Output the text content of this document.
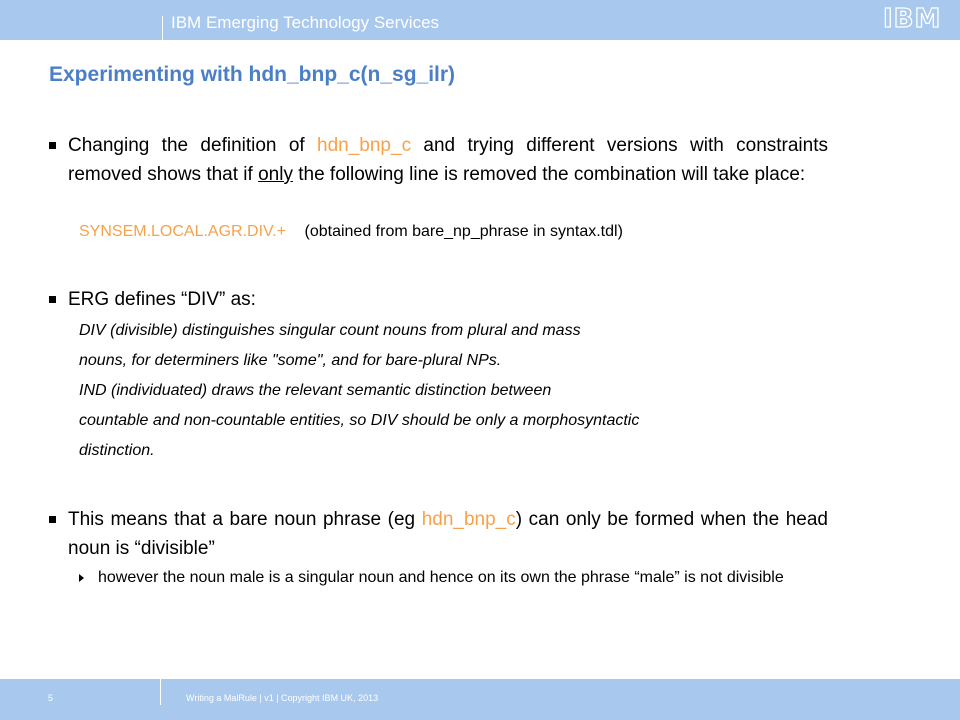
IBM Emerging Technology Services	IBM
Experimenting with hdn_bnp_c(n_sg_ilr)
Changing the definition of hdn_bnp_c and trying different versions with constraints removed shows that if only the following line is removed the combination will take place:
SYNSEM.LOCAL.AGR.DIV.+ (obtained from bare_np_phrase in syntax.tdl)
ERG defines “DIV” as:
DIV (divisible) distinguishes singular count nouns from plural and mass
nouns, for determiners like "some", and for bare-plural NPs.
IND (individuated) draws the relevant semantic distinction between
countable and non-countable entities, so DIV should be only a morphosyntactic
distinction.
This means that a bare noun phrase (eg hdn_bnp_c) can only be formed when the head noun is “divisible”
however the noun male is a singular noun and hence on its own the phrase “male” is not divisible
5	Writing a MalRule | v1 | Copyright IBM UK, 2013
